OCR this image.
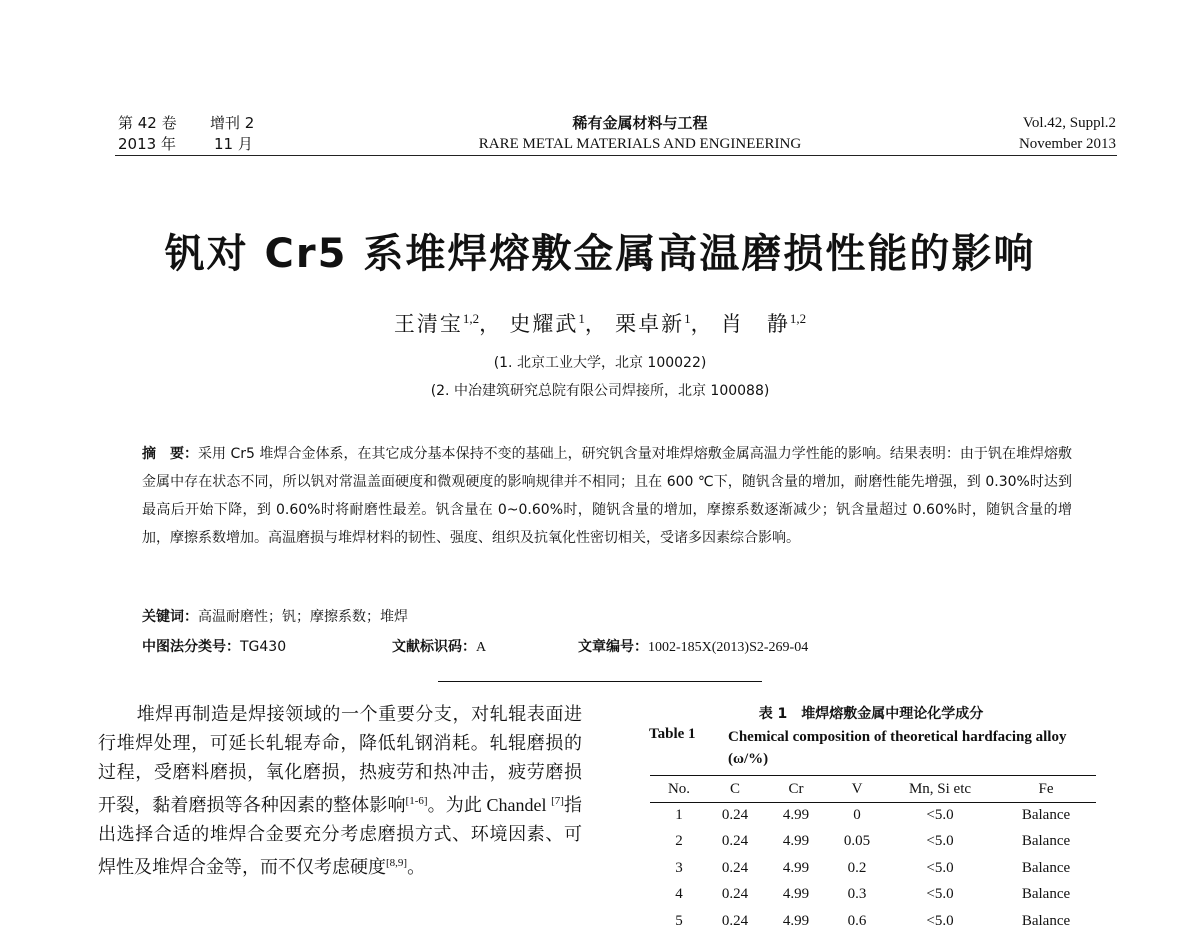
第 42 卷 增刊 2
2013 年	11 月
稀有金属材料与工程
RARE METAL MATERIALS AND ENGINEERING
Vol.42, Suppl.2
November 2013
钒对 Cr5 系堆焊熔敷金属高温磨损性能的影响
王清宝$^{1,2}$， 史耀武$^1$， 栗卓新$^1$， 肖　静$^{1,2}$
(1. 北京工业大学，北京 100022)
(2. 中冶建筑研究总院有限公司焊接所，北京 100088)
摘　要：采用 Cr5 堆焊合金体系，在其它成分基本保持不变的基础上，研究钒含量对堆焊熔敷金属高温力学性能的影响。结果表明：由于钒在堆焊熔敷金属中存在状态不同，所以钒对常温盖面硬度和微观硬度的影响规律并不相同；且在 600 ℃下，随钒含量的增加，耐磨性能先增强，到 0.30%时达到最高后开始下降，到 0.60%时将耐磨性最差。钒含量在 0~0.60%时，随钒含量的增加，摩擦系数逐渐减少；钒含量超过 0.60%时，随钒含量的增加，摩擦系数增加。高温磨损与堆焊材料的韧性、强度、组织及抗氧化性密切相关，受诸多因素综合影响。
关键词：高温耐磨性；钒；摩擦系数；堆焊
中图法分类号：TG430	文献标识码：A	文章编号：1002-185X(2013)S2-269-04
堆焊再制造是焊接领域的一个重要分支，对轧辊表面进行堆焊处理，可延长轧辊寿命，降低轧钢消耗。轧辊磨损的过程，受磨料磨损，氧化磨损，热疲劳和热冲击，疲劳磨损开裂，黏着磨损等各种因素的整体影响[1-6]。为此 Chandel [7]指出选择合适的堆焊合金要充分考虑磨损方式、环境因素、可焊性及堆焊合金等，而不仅考虑硬度[8,9]。
表 1　堆焊熔敷金属中理论化学成分
Table 1 Chemical composition of theoretical hardfacing alloy (ω/%)
No.	C	Cr	V	Mn, Si etc	Fe
1	0.24	4.99	0	<5.0	Balance
2	0.24	4.99	0.05	<5.0	Balance
3	0.24	4.99	0.2	<5.0	Balance
4	0.24	4.99	0.3	<5.0	Balance
5	0.24	4.99	0.6	<5.0	Balance
